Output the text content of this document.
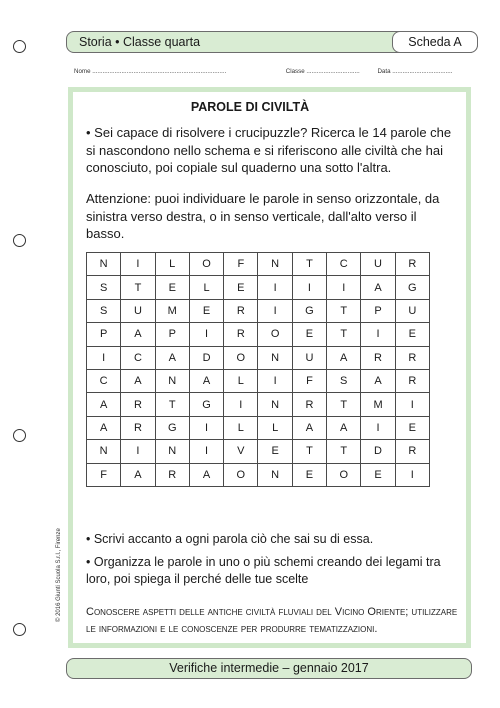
Storia • Classe quarta	Scheda A
Nome ..............................................................................	Classe ...............................	Data ...................................
PAROLE DI CIVILTÀ
• Sei capace di risolvere i crucipuzzle? Ricerca le 14 parole che si nascondono nello schema e si riferiscono alle civiltà che hai conosciuto, poi copiale sul quaderno una sotto l'altra.
Attenzione: puoi individuare le parole in senso orizzontale, da sinistra verso destra, o in senso verticale, dall'alto verso il basso.
N	I	L	O	F	N	T	C	U	R
S	T	E	L	E	I	I	I	A	G
S	U	M	E	R	I	G	T	P	U
P	A	P	I	R	O	E	T	I	E
I	C	A	D	O	N	U	A	R	R
C	A	N	A	L	I	F	S	A	R
A	R	T	G	I	N	R	T	M	I
A	R	G	I	L	L	A	A	I	E
N	I	N	I	V	E	T	T	D	R
F	A	R	A	O	N	E	O	E	I
• Scrivi accanto a ogni parola ciò che sai su di essa.
• Organizza le parole in uno o più schemi creando dei legami tra loro, poi spiega il perché delle tue scelte
Conoscere aspetti delle antiche civiltà fluviali del Vicino Oriente; utilizzare le informazioni e le conoscenze per produrre tematizzazioni.
© 2016 Giunti Scuola S.r.l., Firenze
Verifiche intermedie – gennaio 2017
